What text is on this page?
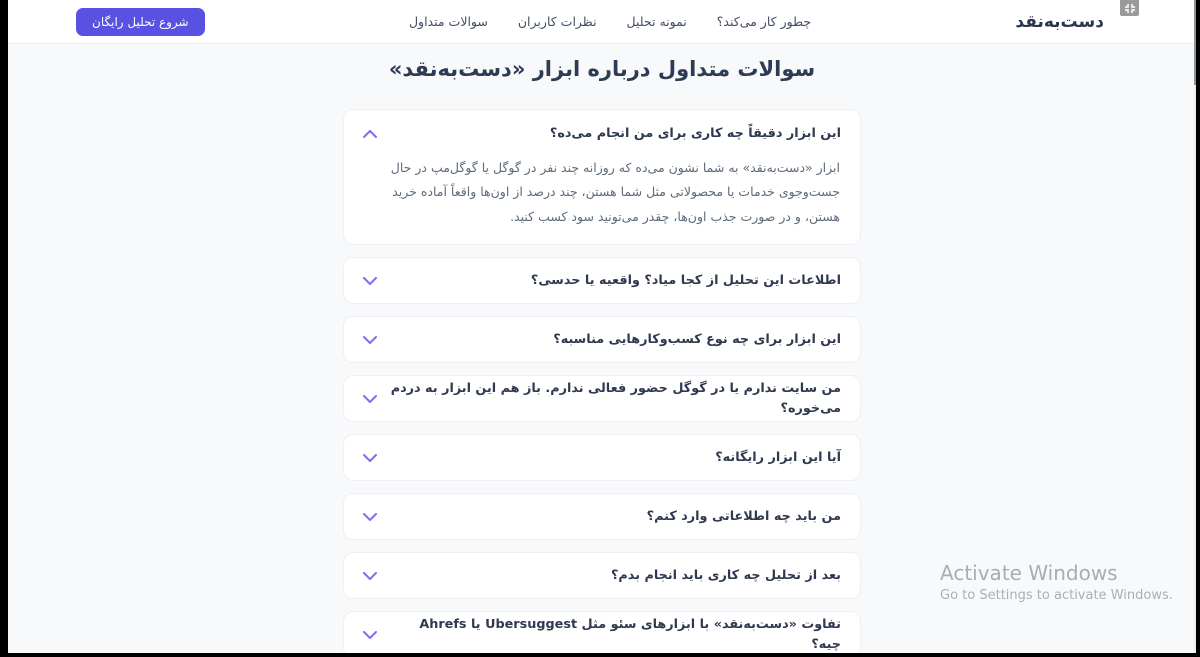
دست‌به‌نقد
چطور کار می‌کند؟
نمونه تحلیل
نظرات کاربران
سوالات متداول
شروع تحلیل رایگان
سوالات متداول درباره ابزار «دست‌به‌نقد»
این ابزار دقیقاً چه کاری برای من انجام می‌ده؟
ابزار «دست‌به‌نقد» به شما نشون می‌ده که روزانه چند نفر در گوگل یا گوگل‌مپ در حال جست‌وجوی خدمات یا محصولاتی مثل شما هستن، چند درصد از اون‌ها واقعاً آماده خرید هستن، و در صورت جذب اون‌ها، چقدر می‌تونید سود کسب کنید.
اطلاعات این تحلیل از کجا میاد؟ واقعیه یا حدسی؟
این ابزار برای چه نوع کسب‌وکارهایی مناسبه؟
من سایت ندارم یا در گوگل حضور فعالی ندارم. باز هم این ابزار به دردم می‌خوره؟
آیا این ابزار رایگانه؟
من باید چه اطلاعاتی وارد کنم؟
بعد از تحلیل چه کاری باید انجام بدم؟
تفاوت «دست‌به‌نقد» با ابزارهای سئو مثل Ubersuggest یا Ahrefs چیه؟
Activate Windows
Go to Settings to activate Windows.
